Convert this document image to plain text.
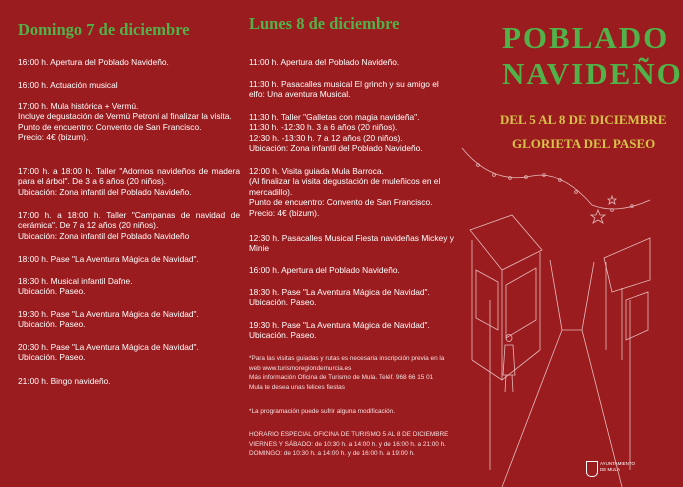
Domingo 7 de diciembre
16:00 h. Apertura del Poblado Navideño.
16:00 h. Actuación musical
17:00 h. Mula histórica + Vermú.
Incluye degustación de Vermú Petroni al finalizar la visita.
Punto de encuentro: Convento de San Francisco.
Precio: 4€ (bizum).
17:00 h. a 18:00 h. Taller "Adornos navideños de madera para el árbol". De 3 a 6 años (20 niños).
Ubicación: Zona infantil del Poblado Navideño.
17:00 h. a 18:00 h. Taller "Campanas de navidad de cerámica". De 7 a 12 años (20 niños).
Ubicación: Zona infantil del Poblado Navideño
18:00 h. Pase "La Aventura Mágica de Navidad".
18:30 h. Musical infantil Dafne.
Ubicación. Paseo.
19:30 h. Pase "La Aventura Mágica de Navidad".
Ubicación. Paseo.
20:30 h. Pase "La Aventura Mágica de Navidad".
Ubicación. Paseo.
21:00 h. Bingo navideño.
Lunes 8 de diciembre
11:00 h. Apertura del Poblado Navideño.
11:30 h. Pasacalles musical El grinch y su amigo el elfo: Una aventura Musical.
11:30 h. Taller "Galletas con magia navideña".
11:30 h. -12:30 h. 3 a 6 años (20 niños).
12:30 h. -13:30 h. 7 a 12 años (20 niños).
Ubicación: Zona infantil del Poblado Navideño.
12:00 h. Visita guiada Mula Barroca.
(Al finalizar la visita degustación de muleñicos en el mercadillo).
Punto de encuentro: Convento de San Francisco.
Precio: 4€ (bizum).
12:30 h. Pasacalles Musical Fiesta navideñas Mickey y Minie
16:00 h. Apertura del Poblado Navideño.
18:30 h. Pase "La Aventura Mágica de Navidad".
Ubicación. Paseo.
19:30 h. Pase "La Aventura Mágica de Navidad".
Ubicación. Paseo.
*Para las visitas guiadas y rutas es necesaria inscripción previa en la web www.turismoregiondemurcia.es
Más información Oficina de Turismo de Mula. Teléf. 968 66 15 01
Mula te desea unas felices fiestas
*La programación puede sufrir alguna modificación.
HORARIO ESPECIAL OFICINA DE TURISMO 5 AL 8 DE DICIEMBRE
VIERNES Y SÁBADO: de 10:30 h. a 14:00 h. y de 16:00 h. a 21:00 h.
DOMINGO: de 10:30 h. a 14:00 h. y de 16:00 h. a 19:00 h.
POBLADO
NAVIDEÑO
DEL 5 AL 8 DE DICIEMBRE
GLORIETA DEL PASEO
AYUNTAMIENTO
DE MULA
